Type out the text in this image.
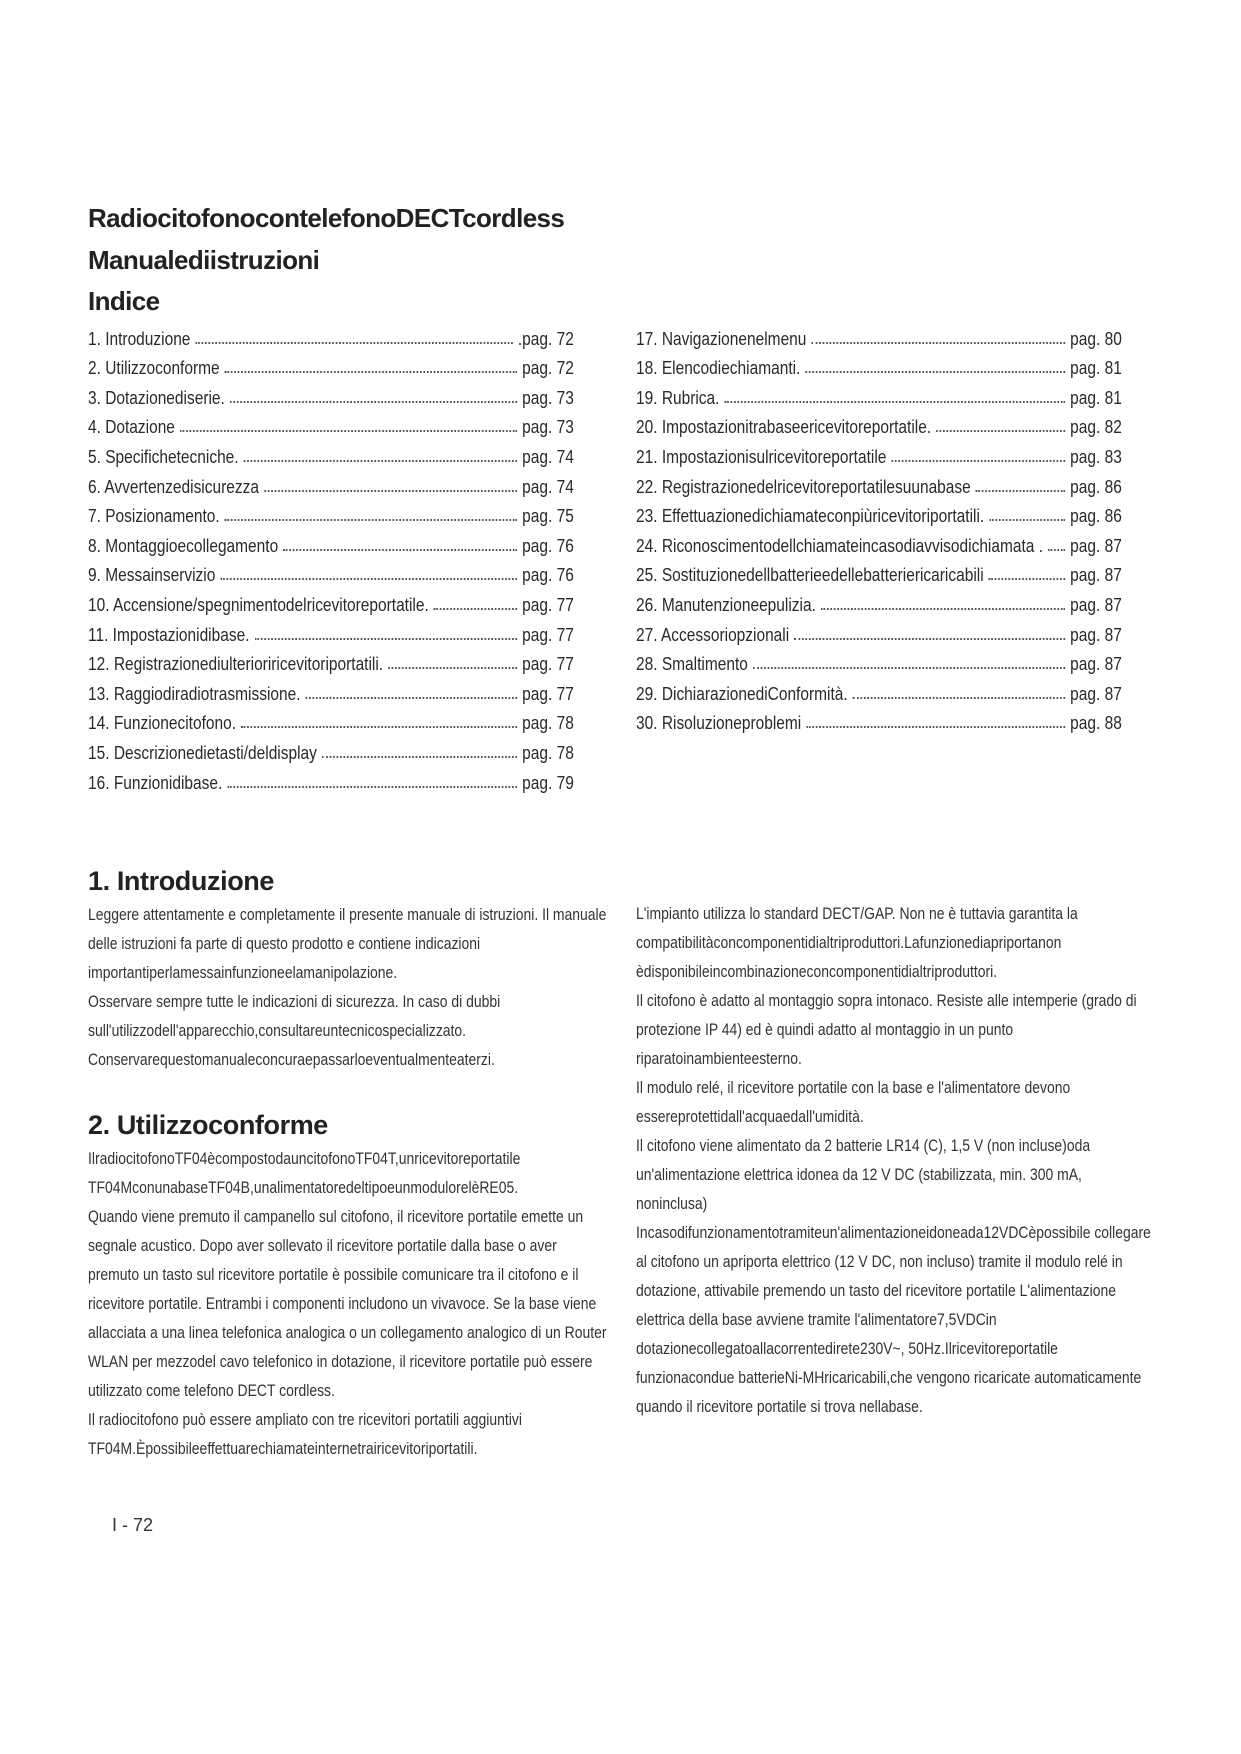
RadiocitofonocontelefonoDECTcordless
Manualediistruzioni
Indice
1. Introduzione	.pag. 72
2. Utilizzoconforme	pag. 72
3. Dotazionediserie.	pag. 73
4. Dotazione	pag. 73
5. Specifichetecniche.	pag. 74
6. Avvertenzedisicurezza	pag. 74
7. Posizionamento.	pag. 75
8. Montaggioecollegamento	pag. 76
9. Messainservizio	pag. 76
10. Accensione/spegnimentodelricevitoreportatile.	pag. 77
11. Impostazionidibase.	pag. 77
12. Registrazionediulterioriricevitoriportatili.	pag. 77
13. Raggiodiradiotrasmissione.	pag. 77
14. Funzionecitofono.	pag. 78
15. Descrizionedietasti/deldisplay	pag. 78
16. Funzionidibase.	pag. 79
17. Navigazionenelmenu	pag. 80
18. Elencodiechiamanti.	pag. 81
19. Rubrica.	pag. 81
20. Impostazionitrabaseericevitoreportatile.	pag. 82
21. Impostazionisulricevitoreportatile	pag. 83
22. Registrazionedelricevitoreportatilesuunabase	pag. 86
23. Effettuazionedichiamateconpiùricevitoriportatili.	pag. 86
24. Riconoscimentodellchiamateincasodiavvisodichiamata . pag. 87
25. Sostituzionedellbatterieedellebatteriericaricabili	pag. 87
26. Manutenzioneepulizia.	pag. 87
27. Accessoriopzionali	pag. 87
28. Smaltimento	pag. 87
29. DichiarazionediConformità.	pag. 87
30. Risoluzioneproblemi	pag. 88
1. Introduzione

Leggere attentamente e completamente il presente manuale di istruzioni. Il manuale delle istruzioni fa parte di questo prodotto e contiene indicazioni importantiperlamessainfunzioneelamanipolazione.

Osservare sempre tutte le indicazioni di sicurezza. In caso di dubbi sull'utilizzodell'apparecchio,consultareuntecnicospecializzato.

Conservarequestomanualeconcuraepassarloeventualmenteaterzi.

2. Utilizzoconforme

IlradiocitofonoTF04ècompostodauncitofonoTF04T,unricevitoreportatile TF04MconunabaseTF04B,unalimentatoredeltipoeunmodulorelèRE05.

Quando viene premuto il campanello sul citofono, il ricevitore portatile emette un segnale acustico. Dopo aver sollevato il ricevitore portatile dalla base o aver premuto un tasto sul ricevitore portatile è possibile comunicare tra il citofono e il ricevitore portatile. Entrambi i componenti includono un vivavoce. Se la base viene allacciata a una linea telefonica analogica o un collegamento analogico di un Router WLAN per mezzodel cavo telefonico in dotazione, il ricevitore portatile può essere utilizzato come telefono DECT cordless.

Il radiocitofono può essere ampliato con tre ricevitori portatili aggiuntivi TF04M.Èpossibileeffettuarechiamateinternetrairicevitoriportatili.

L'impianto utilizza lo standard DECT/GAP. Non ne è tuttavia garantita la compatibilitàconcomponentidialtriproduttori.Lafunzionediapriportanon èdisponibileincombinazioneconcomponentidialtriproduttori.

Il citofono è adatto al montaggio sopra intonaco. Resiste alle intemperie (grado di protezione IP 44) ed è quindi adatto al montaggio in un punto riparatoinambienteesterno.

Il modulo relé, il ricevitore portatile con la base e l'alimentatore devono essereprotettidall'acquaedall'umidità.

Il citofono viene alimentato da 2 batterie LR14 (C), 1,5 V (non incluse)oda un'alimentazione elettrica idonea da 12 V DC (stabilizzata, min. 300 mA, noninclusa)

Incasodifunzionamentotramiteun'alimentazioneidoneada12VDCèpossibile collegare al citofono un apriporta elettrico (12 V DC, non incluso) tramite il modulo relé in dotazione, attivabile premendo un tasto del ricevitore portatile L'alimentazione elettrica della base avviene tramite l'alimentatore7,5VDCin dotazionecollegatoallacorrentedirete230V~, 50Hz.Ilricevitoreportatile funzionacondue batterieNi-MHricaricabili,che vengono ricaricate automaticamente quando il ricevitore portatile si trova nellabase.

I - 72
